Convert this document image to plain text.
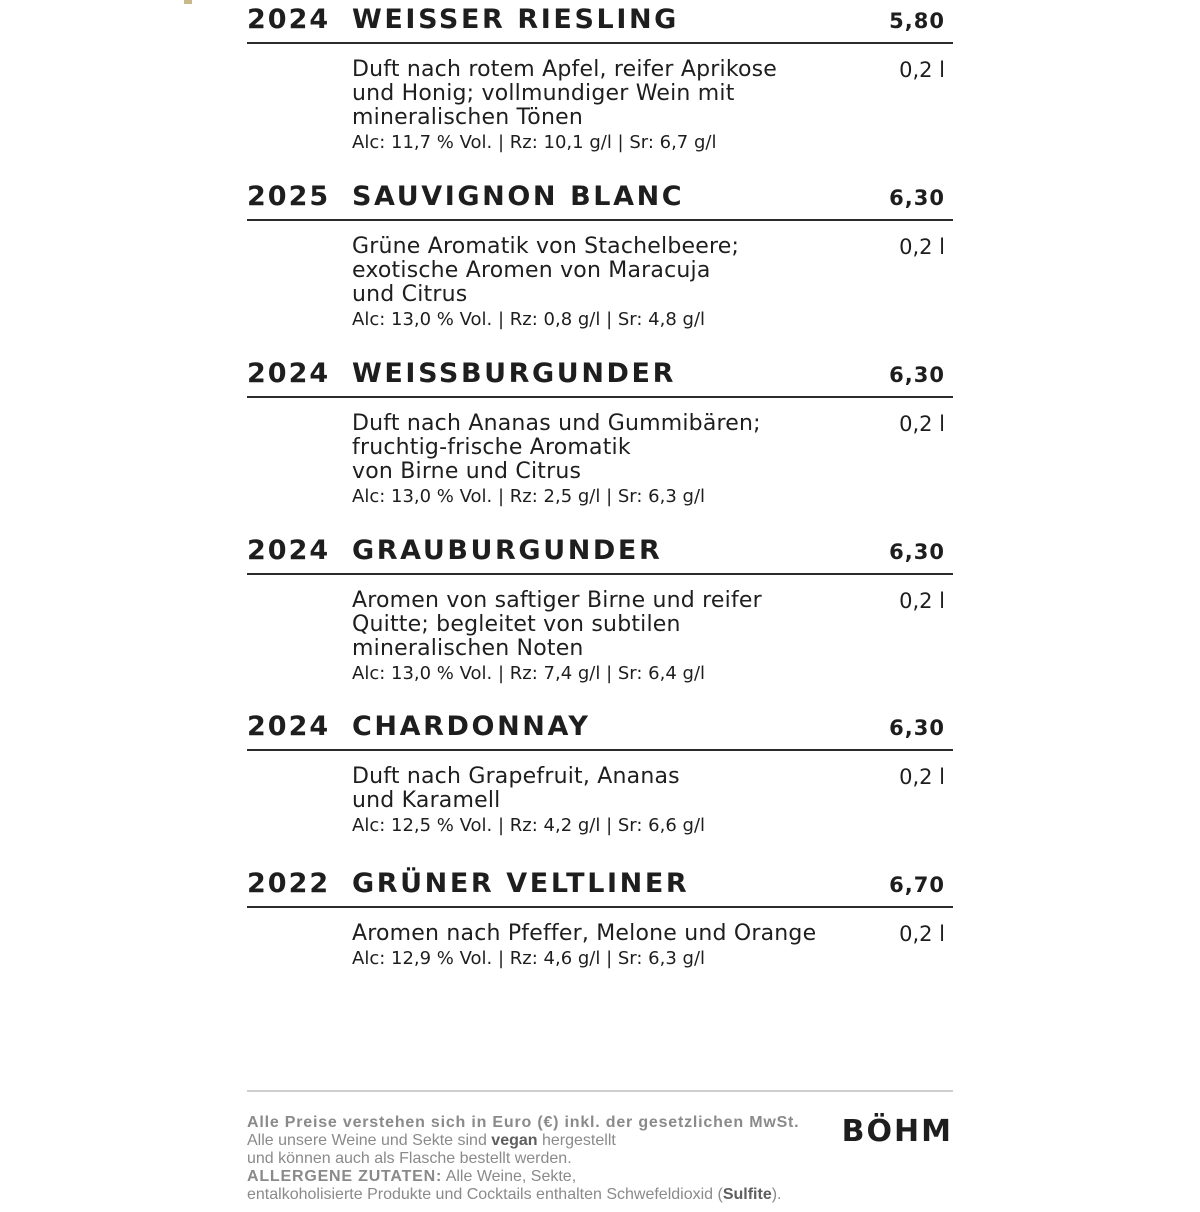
2024 WEISSER RIESLING	5,80
Duft nach rotem Apfel, reifer Aprikose
und Honig; vollmundiger Wein mit
mineralischen Tönen
Alc: 11,7 % Vol. | Rz: 10,1 g/l | Sr: 6,7 g/l
0,2 l
2025 SAUVIGNON BLANC	6,30
Grüne Aromatik von Stachelbeere;
exotische Aromen von Maracuja
und Citrus
Alc: 13,0 % Vol. | Rz: 0,8 g/l | Sr: 4,8 g/l
0,2 l
2024 WEISSBURGUNDER	6,30
Duft nach Ananas und Gummibären;
fruchtig-frische Aromatik
von Birne und Citrus
Alc: 13,0 % Vol. | Rz: 2,5 g/l | Sr: 6,3 g/l
0,2 l
2024 GRAUBURGUNDER	6,30
Aromen von saftiger Birne und reifer
Quitte; begleitet von subtilen
mineralischen Noten
Alc: 13,0 % Vol. | Rz: 7,4 g/l | Sr: 6,4 g/l
0,2 l
2024 CHARDONNAY	6,30
Duft nach Grapefruit, Ananas
und Karamell
Alc: 12,5 % Vol. | Rz: 4,2 g/l | Sr: 6,6 g/l
0,2 l
2022 GRÜNER VELTLINER	6,70
Aromen nach Pfeffer, Melone und Orange
Alc: 12,9 % Vol. | Rz: 4,6 g/l | Sr: 6,3 g/l
0,2 l
Alle Preise verstehen sich in Euro (€) inkl. der gesetzlichen MwSt.
Alle unsere Weine und Sekte sind vegan hergestellt
und können auch als Flasche bestellt werden.
ALLERGENE ZUTATEN: Alle Weine, Sekte,
entalkoholisierte Produkte und Cocktails enthalten Schwefeldioxid (Sulfite).
BÖHM
